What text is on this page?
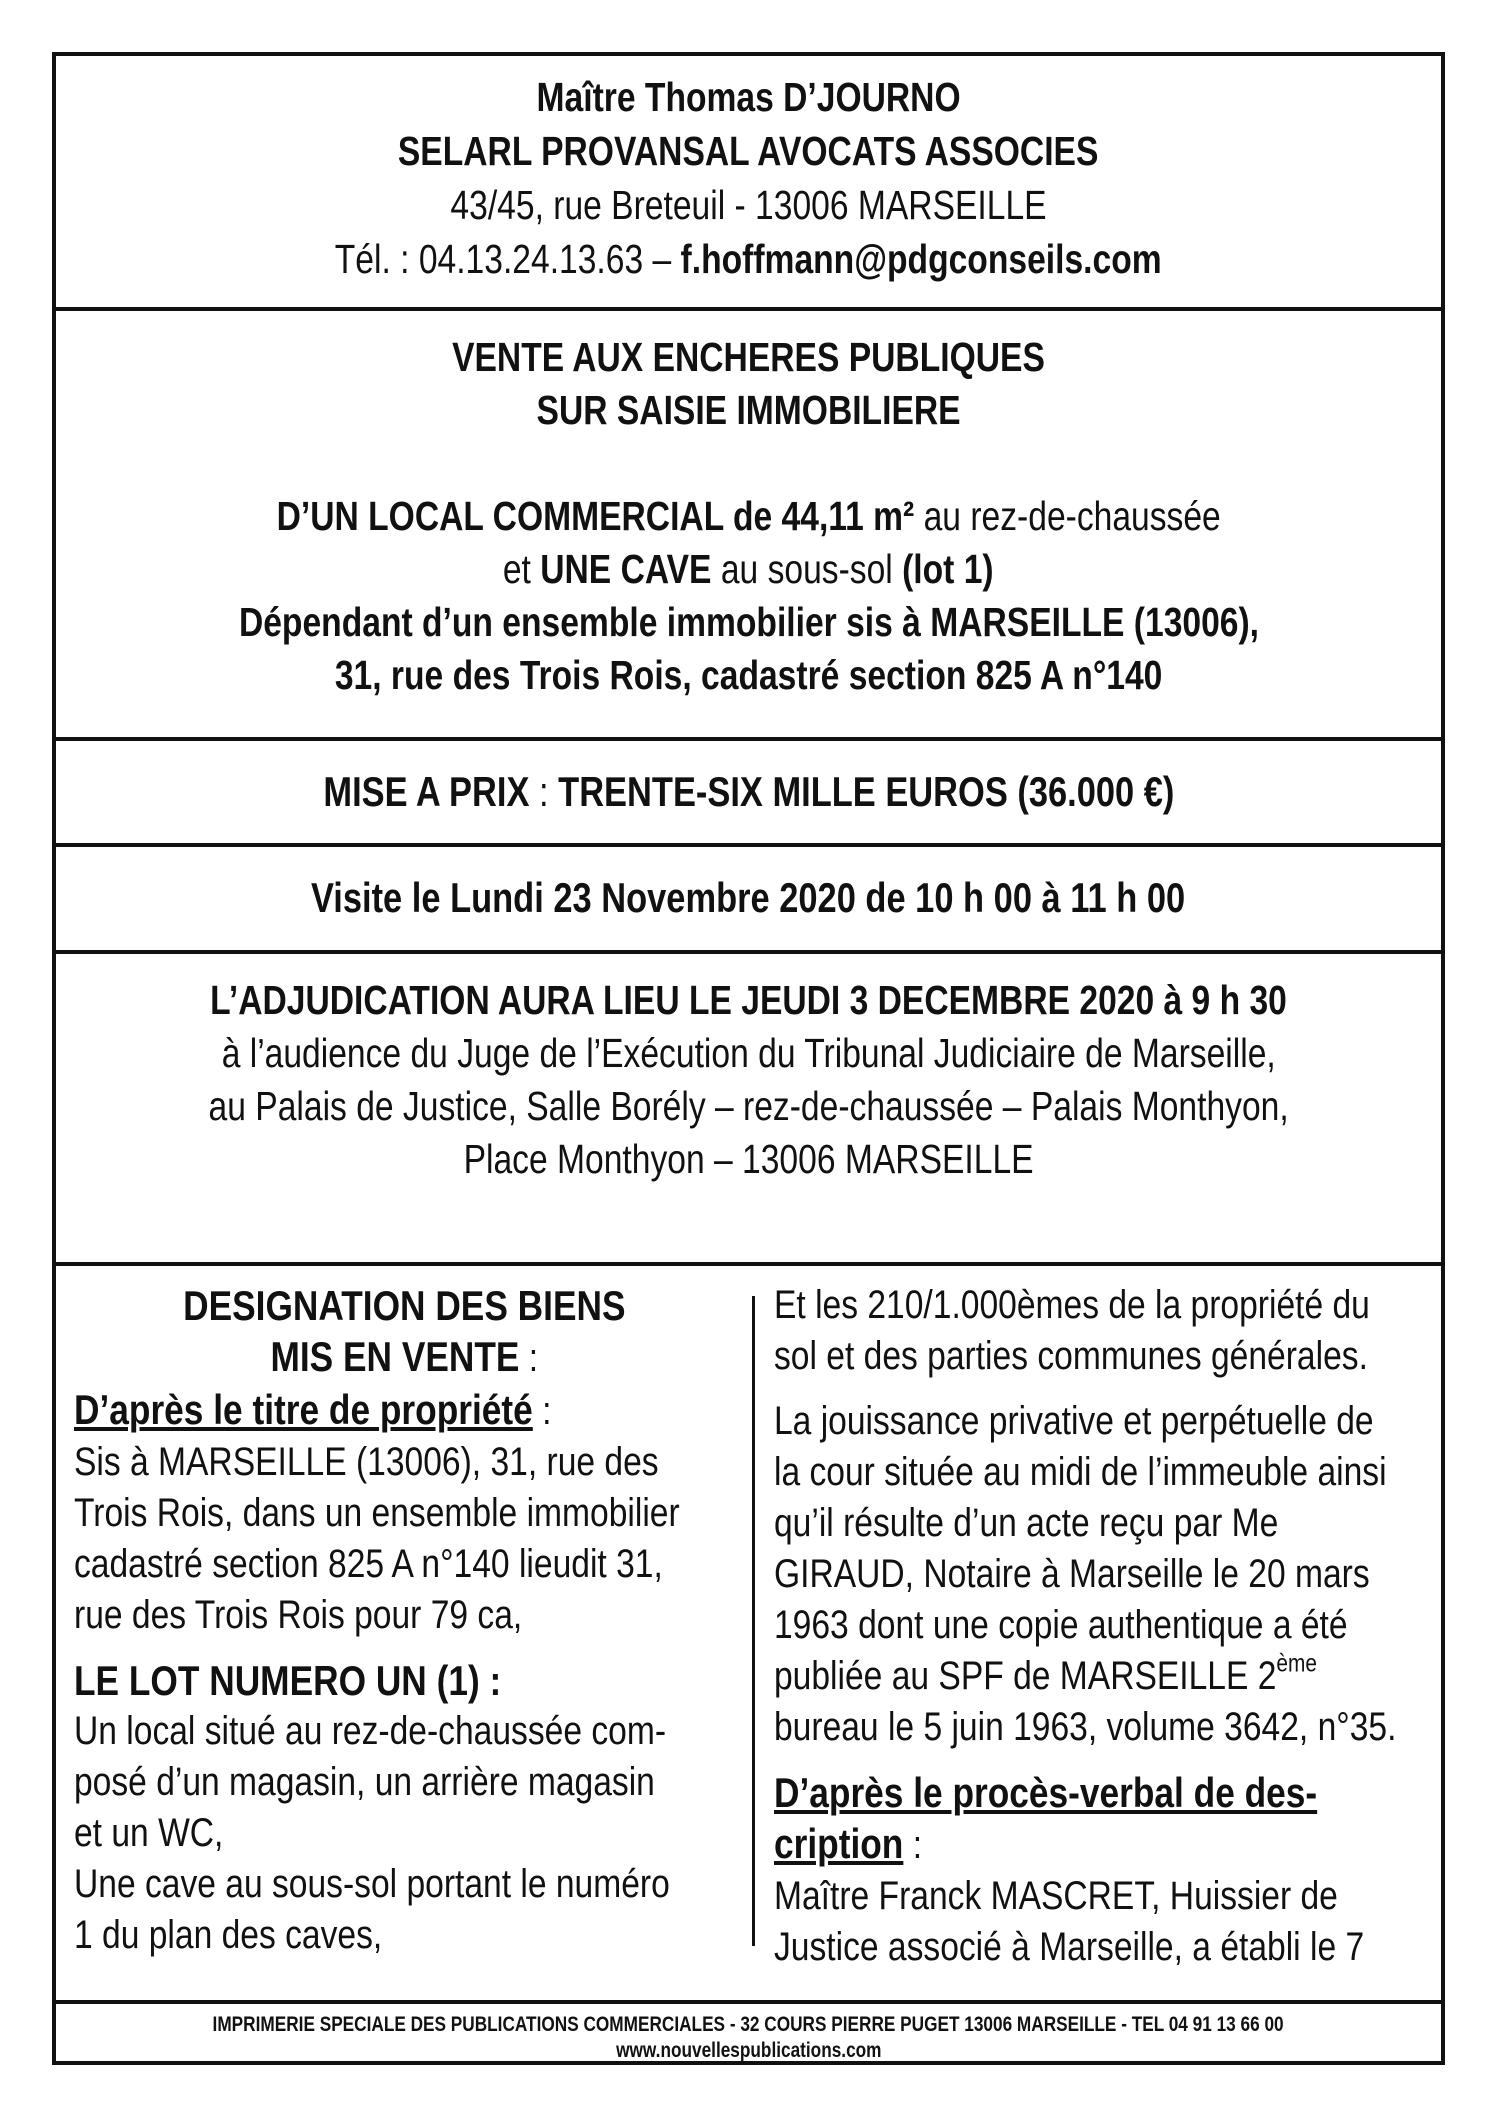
Maître Thomas D’JOURNO
SELARL PROVANSAL AVOCATS ASSOCIES
43/45, rue Breteuil - 13006 MARSEILLE
Tél. : 04.13.24.13.63 – f.hoffmann@pdgconseils.com
VENTE AUX ENCHERES PUBLIQUES
SUR SAISIE IMMOBILIERE
D’UN LOCAL COMMERCIAL de 44,11 m² au rez-de-chaussée
et UNE CAVE au sous-sol (lot 1)
Dépendant d’un ensemble immobilier sis à MARSEILLE (13006),
31, rue des Trois Rois, cadastré section 825 A n°140
MISE A PRIX : TRENTE-SIX MILLE EUROS (36.000 €)
Visite le Lundi 23 Novembre 2020 de 10 h 00 à 11 h 00
L’ADJUDICATION AURA LIEU LE JEUDI 3 DECEMBRE 2020 à 9 h 30
à l’audience du Juge de l’Exécution du Tribunal Judiciaire de Marseille,
au Palais de Justice, Salle Borély – rez-de-chaussée – Palais Monthyon,
Place Monthyon – 13006 MARSEILLE
DESIGNATION DES BIENS
MIS EN VENTE :
D’après le titre de propriété :
Sis à MARSEILLE (13006), 31, rue des
Trois Rois, dans un ensemble immobilier
cadastré section 825 A n°140 lieudit 31,
rue des Trois Rois pour 79 ca,
LE LOT NUMERO UN (1) :
Un local situé au rez-de-chaussée com-
posé d’un magasin, un arrière magasin
et un WC,
Une cave au sous-sol portant le numéro
1 du plan des caves,
Et les 210/1.000èmes de la propriété du
sol et des parties communes générales.
La jouissance privative et perpétuelle de
la cour située au midi de l’immeuble ainsi
qu’il résulte d’un acte reçu par Me
GIRAUD, Notaire à Marseille le 20 mars
1963 dont une copie authentique a été
publiée au SPF de MARSEILLE 2ème
bureau le 5 juin 1963, volume 3642, n°35.
D’après le procès-verbal de des-
cription :
Maître Franck MASCRET, Huissier de
Justice associé à Marseille, a établi le 7
IMPRIMERIE SPECIALE DES PUBLICATIONS COMMERCIALES - 32 COURS PIERRE PUGET 13006 MARSEILLE - TEL 04 91 13 66 00
www.nouvellespublications.com
